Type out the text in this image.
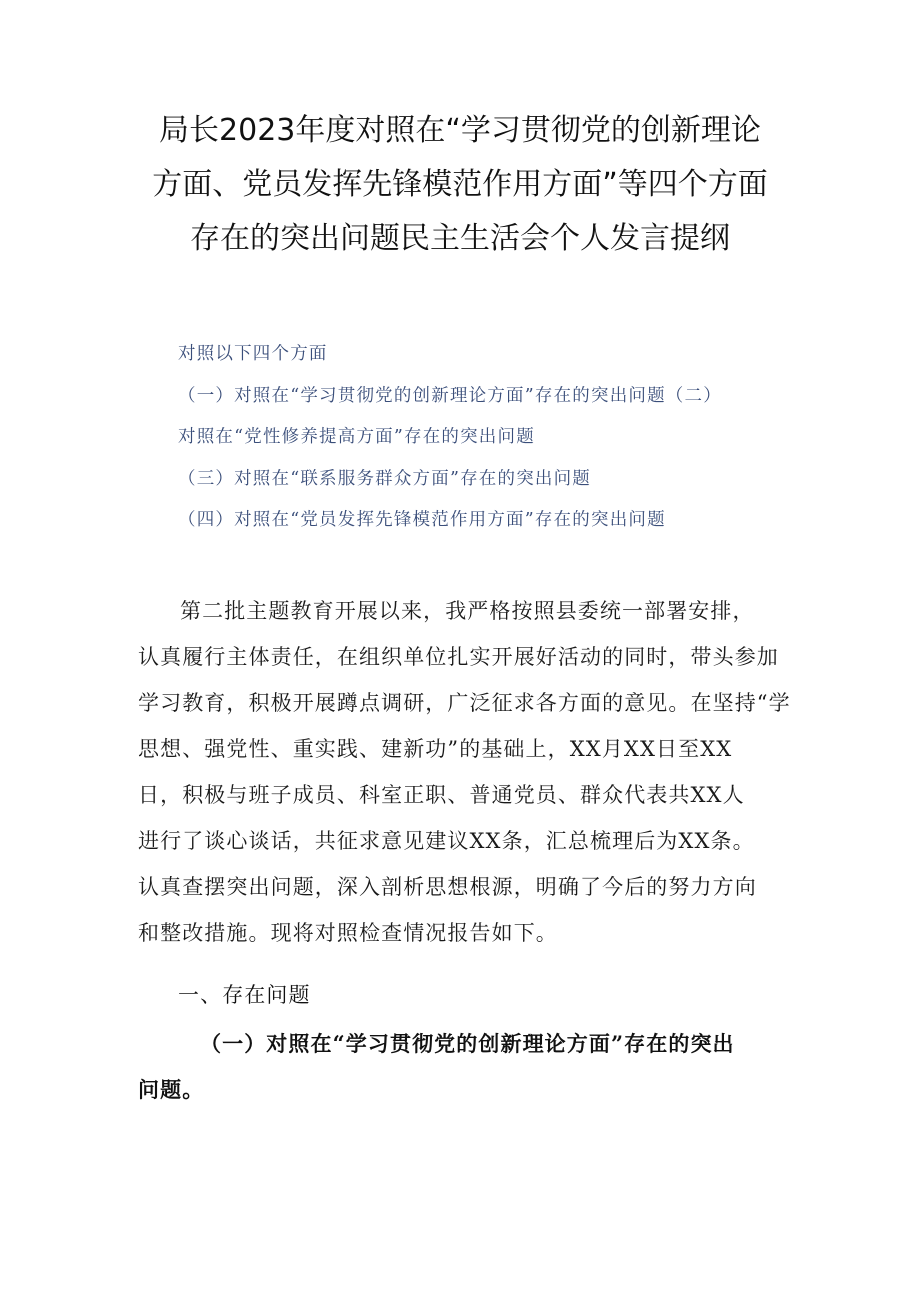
局长2023年度对照在“学习贯彻党的创新理论
方面、党员发挥先锋模范作用方面”等四个方面
存在的突出问题民主生活会个人发言提纲
对照以下四个方面
（一）对照在“学习贯彻党的创新理论方面”存在的突出问题（二）
对照在“党性修养提高方面”存在的突出问题
（三）对照在“联系服务群众方面”存在的突出问题
（四）对照在“党员发挥先锋模范作用方面”存在的突出问题
第二批主题教育开展以来，我严格按照县委统一部署安排，
认真履行主体责任，在组织单位扎实开展好活动的同时，带头参加
学习教育，积极开展蹲点调研，广泛征求各方面的意见。在坚持“学
思想、强党性、重实践、建新功”的基础上，XX月XX日至XX
日，积极与班子成员、科室正职、普通党员、群众代表共XX人
进行了谈心谈话，共征求意见建议XX条，汇总梳理后为XX条。
认真查摆突出问题，深入剖析思想根源，明确了今后的努力方向
和整改措施。现将对照检查情况报告如下。
一、存在问题
（一）对照在“学习贯彻党的创新理论方面”存在的突出
问题。
